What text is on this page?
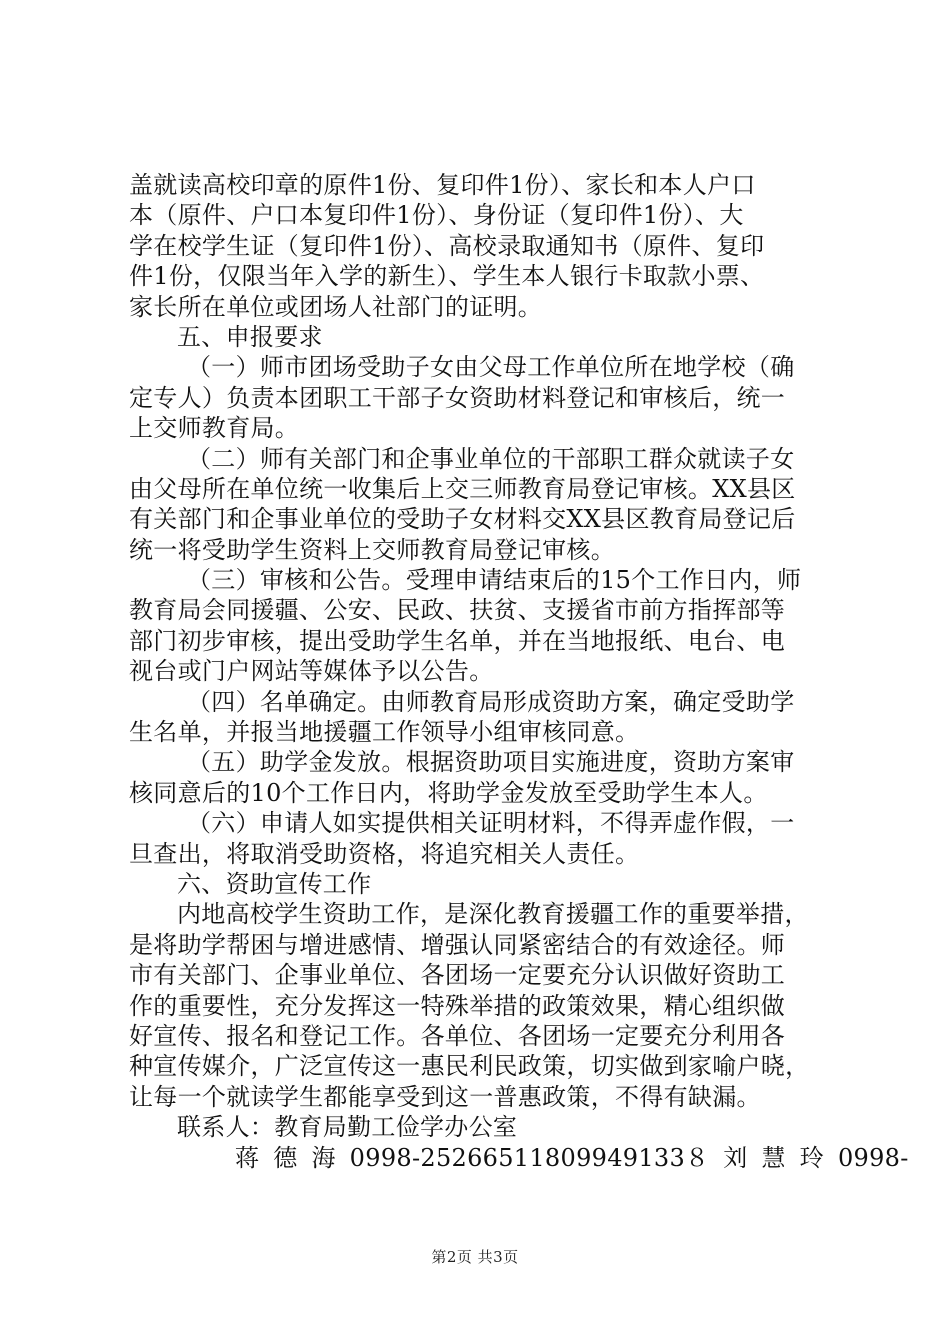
盖就读高校印章的原件1份、复印件1份）、家长和本人户口
本（原件、户口本复印件1份）、身份证（复印件1份）、大
学在校学生证（复印件1份）、高校录取通知书（原件、复印
件1份，仅限当年入学的新生）、学生本人银行卡取款小票、
家长所在单位或团场人社部门的证明。
五、申报要求
（一）师市团场受助子女由父母工作单位所在地学校（确
定专人）负责本团职工干部子女资助材料登记和审核后，统一
上交师教育局。
（二）师有关部门和企事业单位的干部职工群众就读子女
由父母所在单位统一收集后上交三师教育局登记审核。XX县区
有关部门和企事业单位的受助子女材料交XX县区教育局登记后
统一将受助学生资料上交师教育局登记审核。
（三）审核和公告。受理申请结束后的15个工作日内，师
教育局会同援疆、公安、民政、扶贫、支援省市前方指挥部等
部门初步审核，提出受助学生名单，并在当地报纸、电台、电
视台或门户网站等媒体予以公告。
（四）名单确定。由师教育局形成资助方案，确定受助学
生名单，并报当地援疆工作领导小组审核同意。
（五）助学金发放。根据资助项目实施进度，资助方案审
核同意后的10个工作日内，将助学金发放至受助学生本人。
（六）申请人如实提供相关证明材料，不得弄虚作假，一
旦查出，将取消受助资格，将追究相关人责任。
六、资助宣传工作
内地高校学生资助工作，是深化教育援疆工作的重要举措，
是将助学帮困与增进感情、增强认同紧密结合的有效途径。师
市有关部门、企事业单位、各团场一定要充分认识做好资助工
作的重要性，充分发挥这一特殊举措的政策效果，精心组织做
好宣传、报名和登记工作。各单位、各团场一定要充分利用各
种宣传媒介，广泛宣传这一惠民利民政策，切实做到家喻户晓，
让每一个就读学生都能享受到这一普惠政策，不得有缺漏。
联系人：教育局勤工俭学办公室
蒋 德 海 0998-25266511809949133８ 刘 慧 玲 0998-
第2页 共3页
